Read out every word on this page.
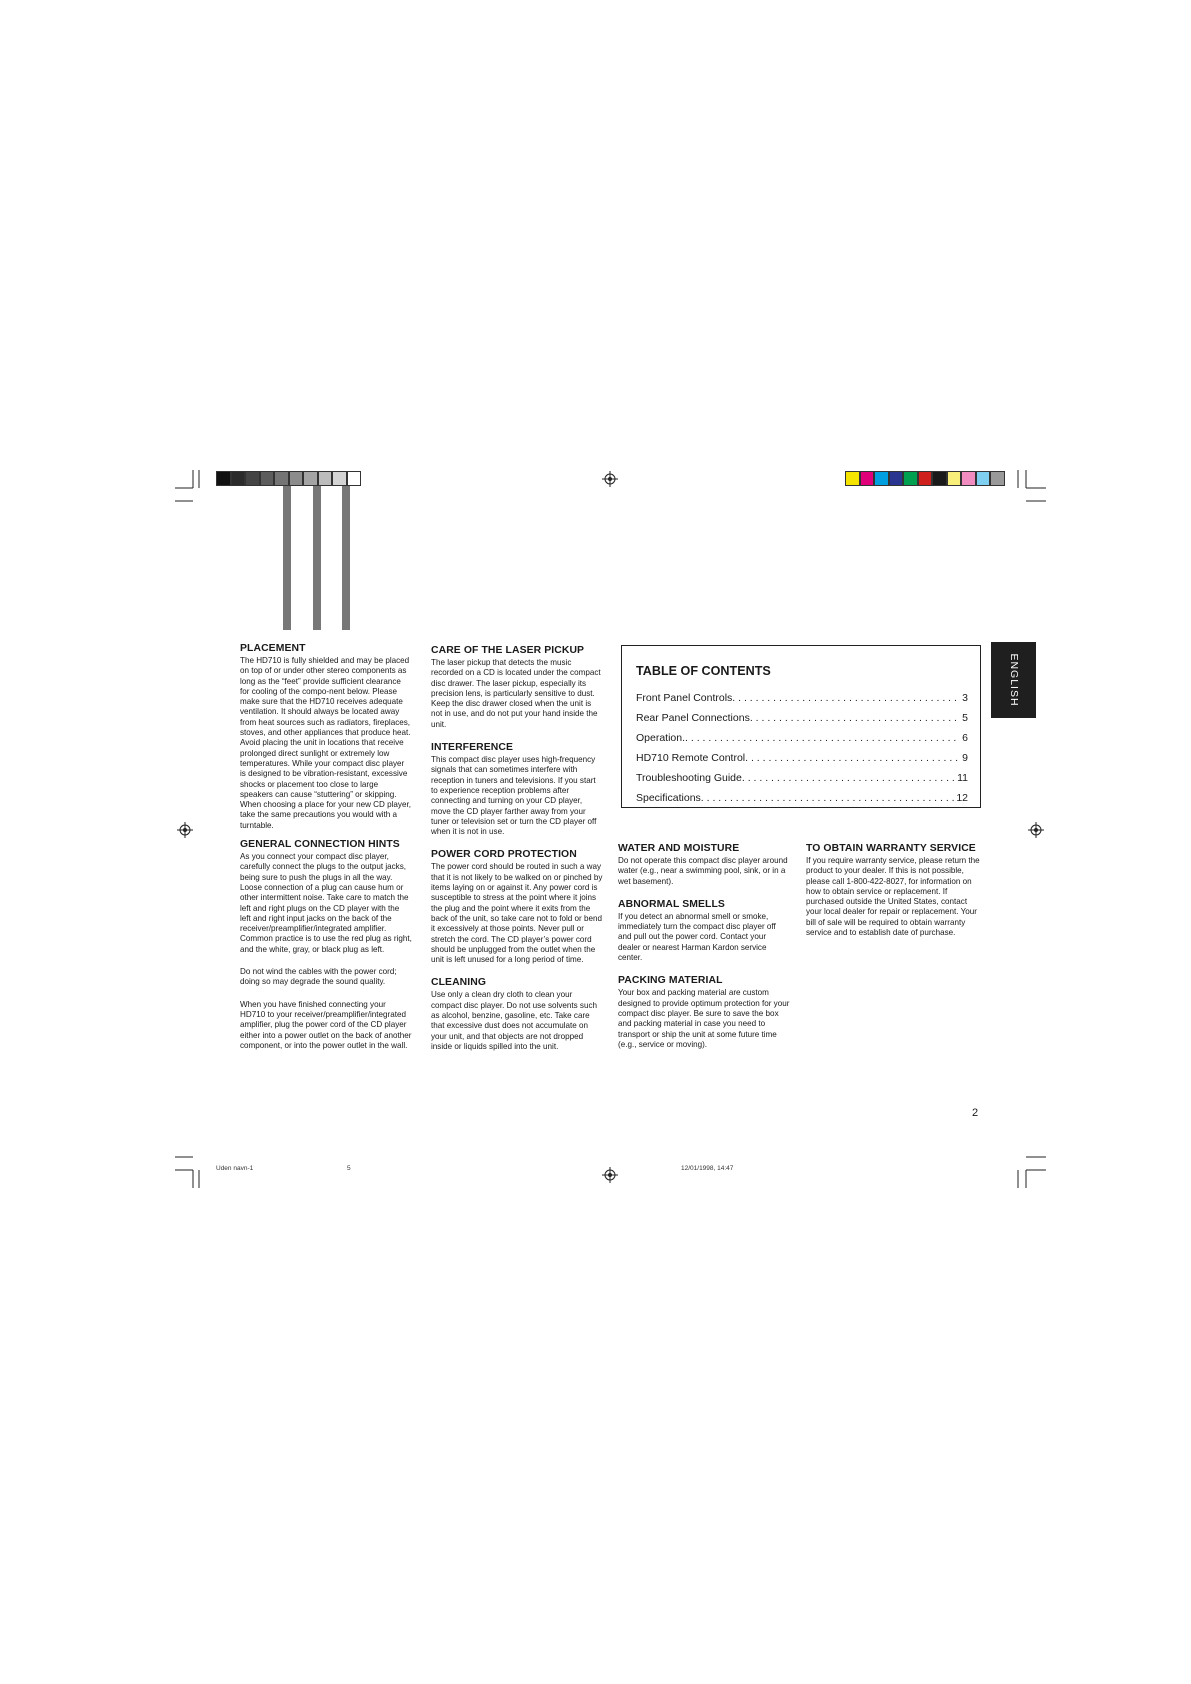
PLACEMENT

The HD710 is fully shielded and may be placed on top of or under other stereo components as long as the “feet” provide sufficient clearance for cooling of the compo-nent below. Please make sure that the HD710 receives adequate ventilation. It should always be located away from heat sources such as radiators, fireplaces, stoves, and other appliances that produce heat. Avoid placing the unit in locations that receive prolonged direct sunlight or extremely low temperatures. While your compact disc player is designed to be vibration-resistant, excessive shocks or placement too close to large speakers can cause “stuttering” or skipping. When choosing a place for your new CD player, take the same precautions you would with a turntable.

GENERAL CONNECTION HINTS

As you connect your compact disc player, carefully connect the plugs to the output jacks, being sure to push the plugs in all the way. Loose connection of a plug can cause hum or other intermittent noise. Take care to match the left and right plugs on the CD player with the left and right input jacks on the back of the receiver/preamplifier/integrated amplifier. Common practice is to use the red plug as right, and the white, gray, or black plug as left.

Do not wind the cables with the power cord; doing so may degrade the sound quality.

When you have finished connecting your HD710 to your receiver/preamplifier/integrated amplifier, plug the power cord of the CD player either into a power outlet on the back of another component, or into the power outlet in the wall.

CARE OF THE LASER PICKUP

The laser pickup that detects the music recorded on a CD is located under the compact disc drawer. The laser pickup, especially its precision lens, is particularly sensitive to dust. Keep the disc drawer closed when the unit is not in use, and do not put your hand inside the unit.

INTERFERENCE

This compact disc player uses high-frequency signals that can sometimes interfere with reception in tuners and televisions. If you start to experience reception problems after connecting and turning on your CD player, move the CD player farther away from your tuner or television set or turn the CD player off when it is not in use.

POWER CORD PROTECTION

The power cord should be routed in such a way that it is not likely to be walked on or pinched by items laying on or against it. Any power cord is susceptible to stress at the point where it joins the plug and the point where it exits from the back of the unit, so take care not to fold or bend it excessively at those points. Never pull or stretch the cord. The CD player’s power cord should be unplugged from the outlet when the unit is left unused for a long period of time.

CLEANING

Use only a clean dry cloth to clean your compact disc player. Do not use solvents such as alcohol, benzine, gasoline, etc. Take care that excessive dust does not accumulate on your unit, and that objects are not dropped inside or liquids spilled into the unit.

TABLE OF CONTENTS
Front Panel Controls . . .	3
Rear Panel Connections . . .	5
Operation. . . .	6
HD710 Remote Control . . .	9
Troubleshooting Guide . . .	11
Specifications . . .	12
ENGLISH
WATER AND MOISTURE

Do not operate this compact disc player around water (e.g., near a swimming pool, sink, or in a wet basement).

ABNORMAL SMELLS

If you detect an abnormal smell or smoke, immediately turn the compact disc player off and pull out the power cord. Contact your dealer or nearest Harman Kardon service center.

PACKING MATERIAL

Your box and packing material are custom designed to provide optimum protection for your compact disc player. Be sure to save the box and packing material in case you need to transport or ship the unit at some future time (e.g., service or moving).

TO OBTAIN WARRANTY SERVICE

If you require warranty service, please return the product to your dealer. If this is not possible, please call 1-800-422-8027, for information on how to obtain service or replacement. If purchased outside the United States, contact your local dealer for repair or replacement. Your bill of sale will be required to obtain warranty service and to establish date of purchase.

2
Uden navn-1	5	12/01/1998, 14:47
